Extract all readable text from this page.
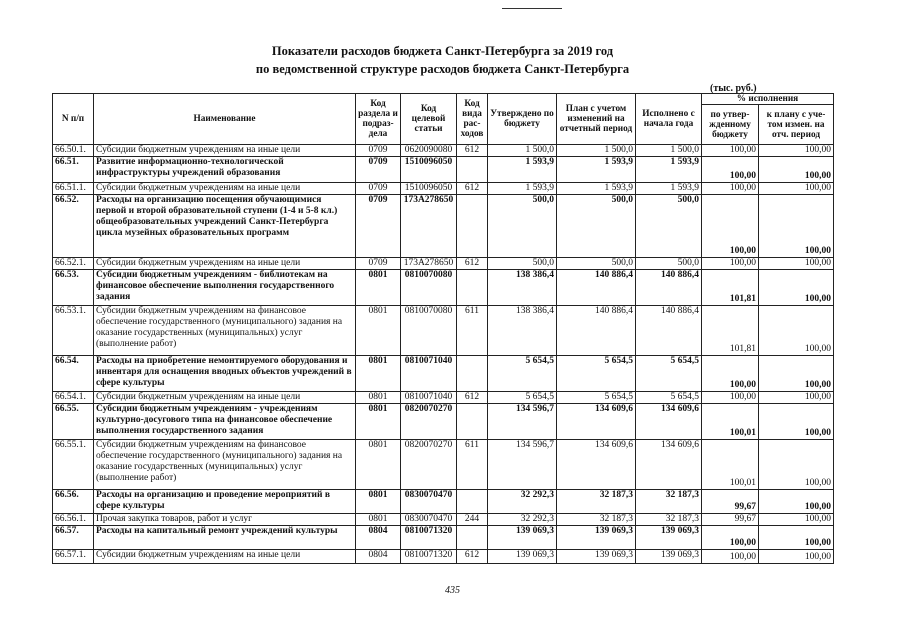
Показатели расходов бюджета Санкт-Петербурга за 2019 год
по ведомственной структуре расходов бюджета Санкт-Петербурга
(тыс. руб.)
N п/п	Наименование	Код раздела и подраз-дела	Код целевой статьи	Код вида рас-ходов	Утверждено по бюджету	План с учетом изменений на отчетный период	Исполнено с начала года	% исполнения	
								по утвер-жденному бюджету	к плану с уче-том измен. на отч. период
66.50.1.	Субсидии бюджетным учреждениям на иные цели	0709	0620090080	612	1 500,0	1 500,0	1 500,0	100,00	100,00
66.51.	Развитие информационно-технологической инфраструктуры учреждений образования	0709	1510096050		1 593,9	1 593,9	1 593,9	100,00	100,00
66.51.1.	Субсидии бюджетным учреждениям на иные цели	0709	1510096050	612	1 593,9	1 593,9	1 593,9	100,00	100,00
66.52.	Расходы на организацию посещения обучающимися первой и второй образовательной ступени (1-4 и 5-8 кл.) общеобразовательных учреждений Санкт-Петербурга цикла музейных образовательных программ	0709	173А278650		500,0	500,0	500,0	100,00	100,00
66.52.1.	Субсидии бюджетным учреждениям на иные цели	0709	173А278650	612	500,0	500,0	500,0	100,00	100,00
66.53.	Субсидии бюджетным учреждениям - библиотекам на финансовое обеспечение выполнения государственного задания	0801	0810070080		138 386,4	140 886,4	140 886,4	101,81	100,00
66.53.1.	Субсидии бюджетным учреждениям на финансовое обеспечение государственного (муниципального) задания на оказание государственных (муниципальных) услуг (выполнение работ)	0801	0810070080	611	138 386,4	140 886,4	140 886,4	101,81	100,00
66.54.	Расходы на приобретение немонтируемого оборудования и инвентаря для оснащения вводных объектов учреждений в сфере культуры	0801	0810071040		5 654,5	5 654,5	5 654,5	100,00	100,00
66.54.1.	Субсидии бюджетным учреждениям на иные цели	0801	0810071040	612	5 654,5	5 654,5	5 654,5	100,00	100,00
66.55.	Субсидии бюджетным учреждениям - учреждениям культурно-досугового типа на финансовое обеспечение выполнения государственного задания	0801	0820070270		134 596,7	134 609,6	134 609,6	100,01	100,00
66.55.1.	Субсидии бюджетным учреждениям на финансовое обеспечение государственного (муниципального) задания на оказание государственных (муниципальных) услуг (выполнение работ)	0801	0820070270	611	134 596,7	134 609,6	134 609,6	100,01	100,00
66.56.	Расходы на организацию и проведение мероприятий в сфере культуры	0801	0830070470		32 292,3	32 187,3	32 187,3	99,67	100,00
66.56.1.	Прочая закупка товаров, работ и услуг	0801	0830070470	244	32 292,3	32 187,3	32 187,3	99,67	100,00
66.57.	Расходы на капитальный ремонт учреждений культуры	0804	0810071320		139 069,3	139 069,3	139 069,3	100,00	100,00
66.57.1.	Субсидии бюджетным учреждениям на иные цели	0804	0810071320	612	139 069,3	139 069,3	139 069,3	100,00	100,00
435
